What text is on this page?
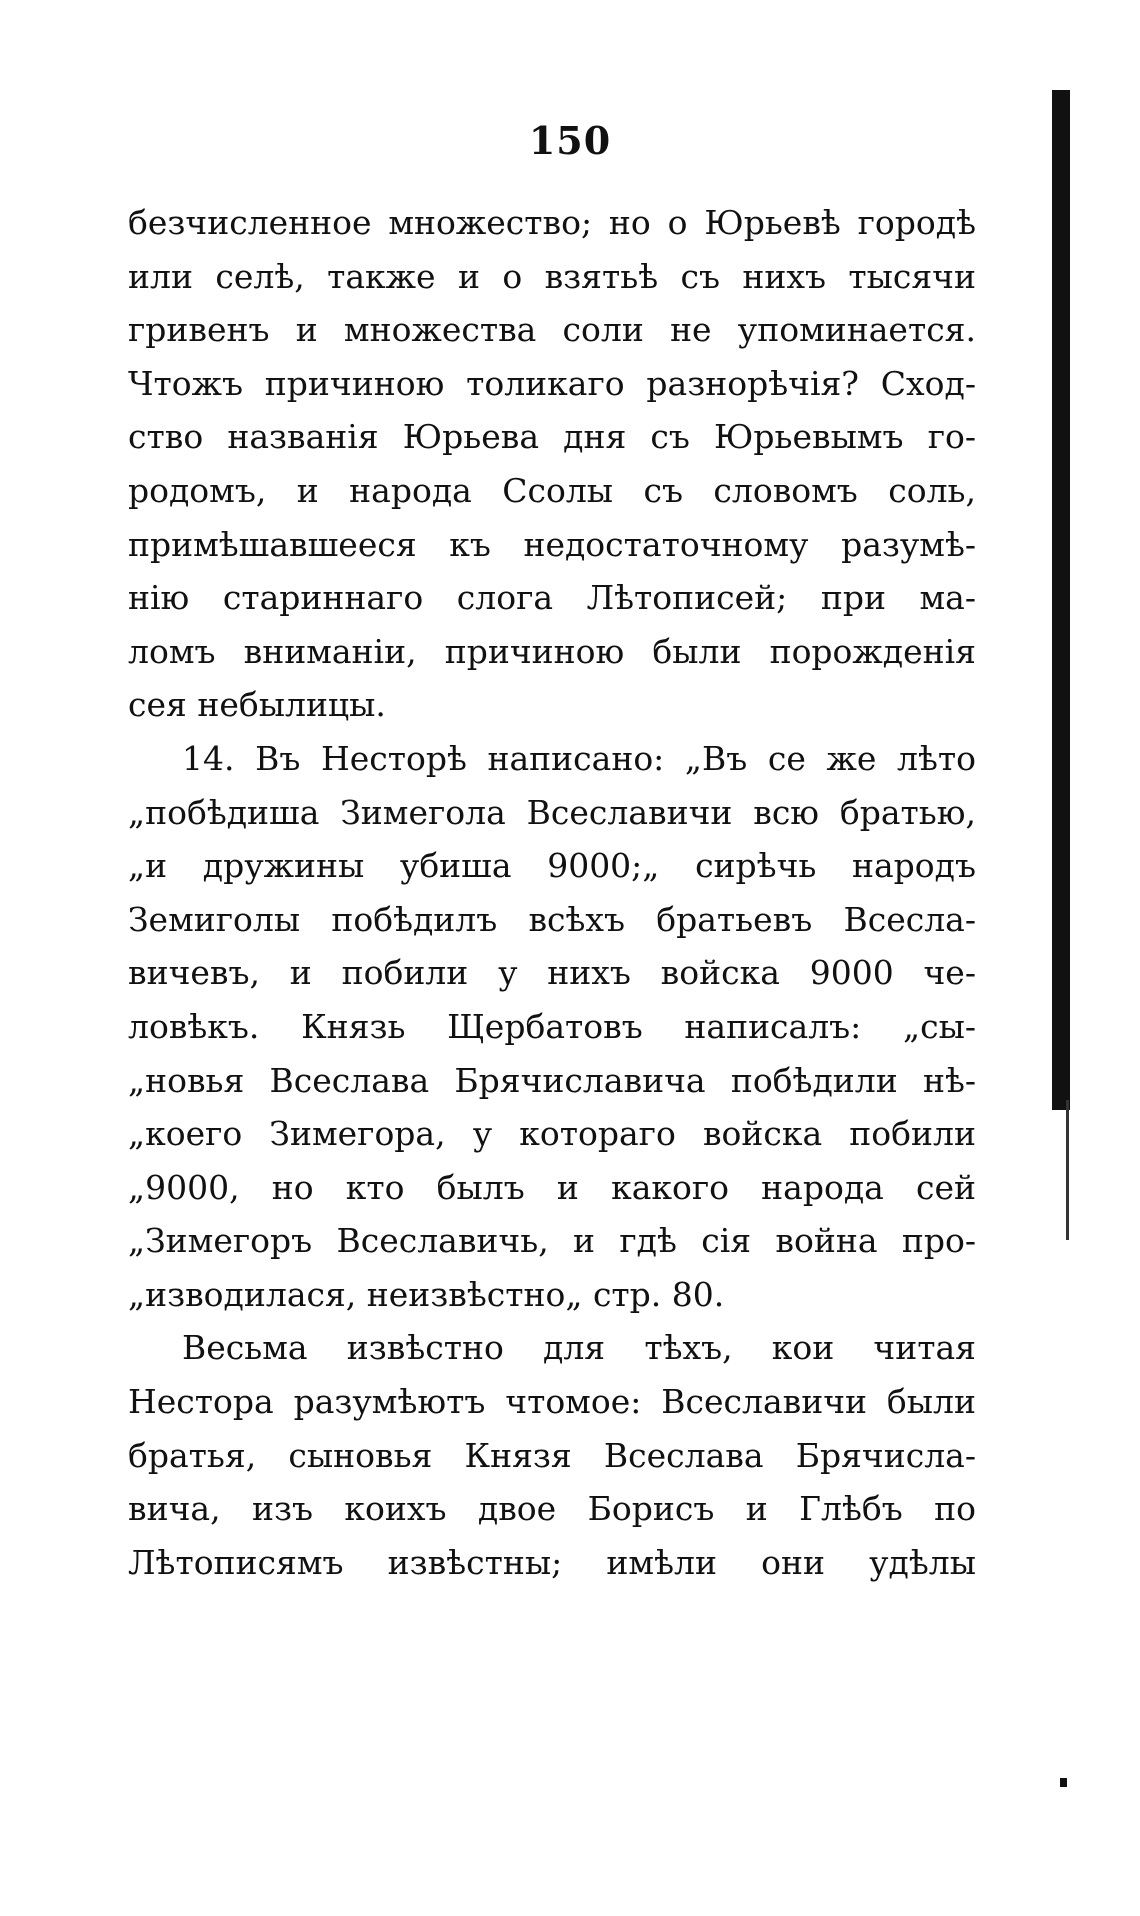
150
безчисленное множество; но о Юрьевѣ городѣ
или селѣ, также и о взятьѣ съ нихъ тысячи
гривенъ и множества соли не упоминается.
Чтожъ причиною толикаго разнорѣчія? Сход-
ство названія Юрьева дня съ Юрьевымъ го-
родомъ, и народа Ссолы съ словомъ соль,
примѣшавшееся къ недостаточному разумѣ-
нію стариннаго слога Лѣтописей; при ма-
ломъ вниманіи, причиною были порожденія
сея небылицы.
14. Въ Несторѣ написано: „Въ се же лѣто
„побѣдиша Зимегола Всеславичи всю братью,
„и дружины убиша 9000;„ сирѣчь народъ
Земиголы побѣдилъ всѣхъ братьевъ Всесла-
вичевъ, и побили у нихъ войска 9000 че-
ловѣкъ. Князь Щербатовъ написалъ: „сы-
„новья Всеслава Брячиславича побѣдили нѣ-
„коего Зимегора, у котораго войска побили
„9000, но кто былъ и какого народа сей
„Зимегоръ Всеславичь, и гдѣ сія война про-
„изводилася, неизвѣстно„ стр. 80.
Весьма извѣстно для тѣхъ, кои читая
Нестора разумѣютъ чтомое: Всеславичи были
братья, сыновья Князя Всеслава Брячисла-
вича, изъ коихъ двое Борисъ и Глѣбъ по
Лѣтописямъ извѣстны; имѣли они удѣлы
